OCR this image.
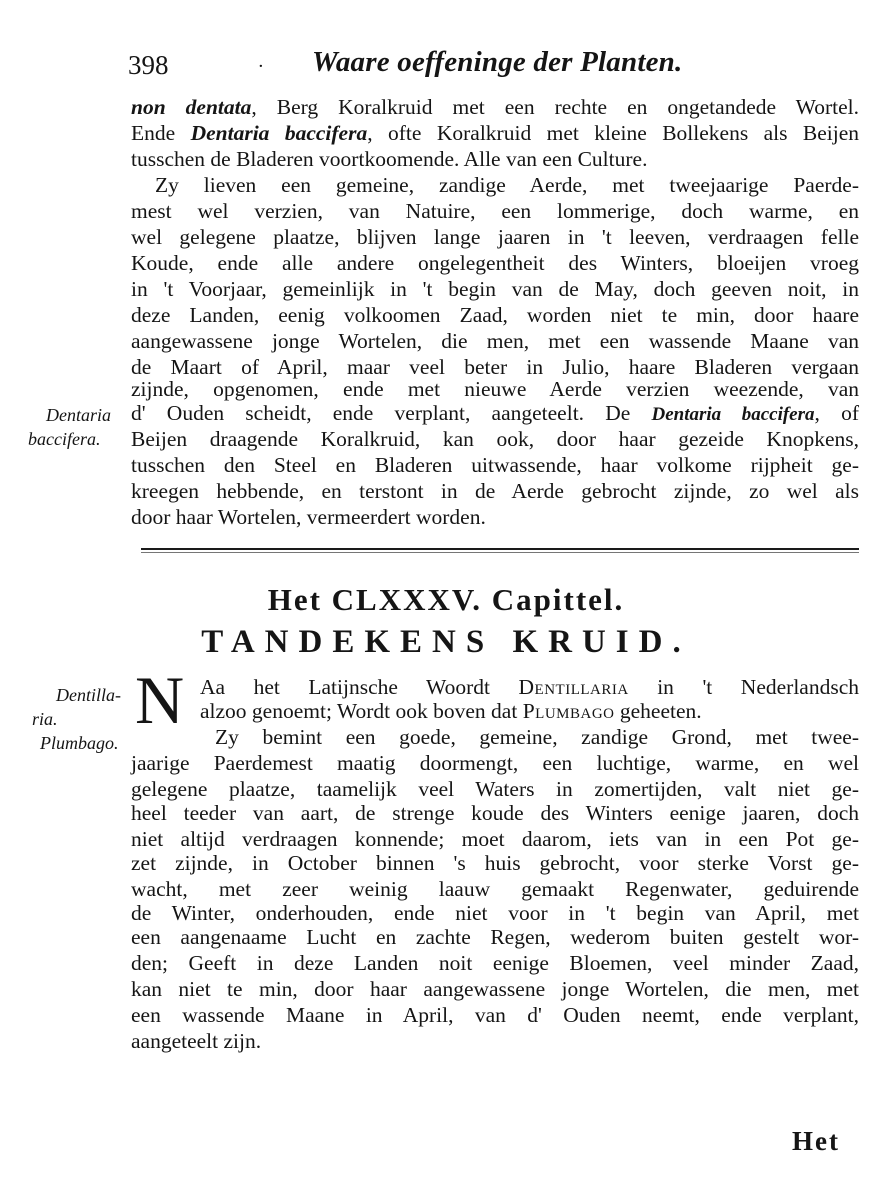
398	· Waare oeffeninge der Planten.
non dentata, Berg Koralkruid met een rechte en ongetandede Wortel.
Ende Dentaria baccifera, ofte Koralkruid met kleine Bollekens als Beijen
tusschen de Bladeren voortkoomende. Alle van een Culture.
Zy lieven een gemeine, zandige Aerde, met tweejaarige Paerde-
mest wel verzien, van Natuire, een lommerige, doch warme, en
wel gelegene plaatze, blijven lange jaaren in 't leeven, verdraagen felle
Koude, ende alle andere ongelegentheit des Winters, bloeijen vroeg
in 't Voorjaar, gemeinlijk in 't begin van de May, doch geeven noit, in
deze Landen, eenig volkoomen Zaad, worden niet te min, door haare
aangewassene jonge Wortelen, die men, met een wassende Maane van
de Maart of April, maar veel beter in Julio, haare Bladeren vergaan
zijnde, opgenomen, ende met nieuwe Aerde verzien weezende, van
d' Ouden scheidt, ende verplant, aangeteelt. De Dentaria baccifera, of
Beijen draagende Koralkruid, kan ook, door haar gezeide Knopkens,
tusschen den Steel en Bladeren uitwassende, haar volkome rijpheit ge-
kreegen hebbende, en terstont in de Aerde gebrocht zijnde, zo wel als
door haar Wortelen, vermeerdert worden.
Dentaria
baccifera.
Het CLXXXV. Capittel.
TANDEKENS KRUID.
N Aa het Latijnsche Woordt Dentillaria in 't Nederlandsch
alzoo genoemt; Wordt ook boven dat Plumbago geheeten.
Zy bemint een goede, gemeine, zandige Grond, met twee-
jaarige Paerdemest maatig doormengt, een luchtige, warme, en wel
gelegene plaatze, taamelijk veel Waters in zomertijden, valt niet ge-
heel teeder van aart, de strenge koude des Winters eenige jaaren, doch
niet altijd verdraagen konnende; moet daarom, iets van in een Pot ge-
zet zijnde, in October binnen 's huis gebrocht, voor sterke Vorst ge-
wacht, met zeer weinig laauw gemaakt Regenwater, geduirende
de Winter, onderhouden, ende niet voor in 't begin van April, met
een aangenaame Lucht en zachte Regen, wederom buiten gestelt wor-
den; Geeft in deze Landen noit eenige Bloemen, veel minder Zaad,
kan niet te min, door haar aangewassene jonge Wortelen, die men, met
een wassende Maane in April, van d' Ouden neemt, ende verplant,
aangeteelt zijn.
Dentilla-
ria.
Plumbago.
Het
